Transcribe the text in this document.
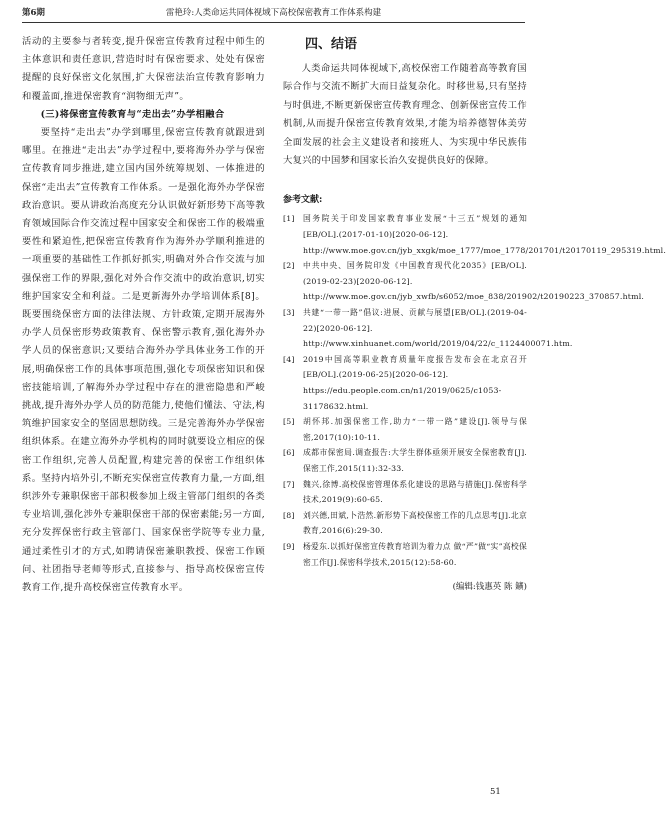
第6期	雷艳玲:人类命运共同体视域下高校保密教育工作体系构建

活动的主要参与者转变,提升保密宣传教育过程中师生的主体意识和责任意识,营造时时有保密要求、处处有保密提醒的良好保密文化氛围,扩大保密法治宣传教育影响力和覆盖面,推进保密教育“润物细无声”。

(三)将保密宣传教育与“走出去”办学相融合

要坚持“走出去”办学到哪里,保密宣传教育就跟进到哪里。在推进“走出去”办学过程中,要将海外办学与保密宣传教育同步推进,建立国内国外统筹规划、一体推进的保密“走出去”宣传教育工作体系。一是强化海外办学保密政治意识。要从讲政治高度充分认识做好新形势下高等教育领域国际合作交流过程中国家安全和保密工作的极端重要性和紧迫性,把保密宣传教育作为海外办学顺利推进的一项重要的基础性工作抓好抓实,明确对外合作交流与加强保密工作的界限,强化对外合作交流中的政治意识,切实维护国家安全和利益。二是更新海外办学培训体系[8]。既要围绕保密方面的法律法规、方针政策,定期开展海外办学人员保密形势政策教育、保密警示教育,强化海外办学人员的保密意识;又要结合海外办学具体业务工作的开展,明确保密工作的具体事项范围,强化专项保密知识和保密技能培训,了解海外办学过程中存在的泄密隐患和严峻挑战,提升海外办学人员的防范能力,使他们懂法、守法,构筑维护国家安全的坚固思想防线。三是完善海外办学保密组织体系。在建立海外办学机构的同时就要设立相应的保密工作组织,完善人员配置,构建完善的保密工作组织体系。坚持内培外引,不断充实保密宣传教育力量,一方面,组织涉外专兼职保密干部积极参加上级主管部门组织的各类专业培训,强化涉外专兼职保密干部的保密素能;另一方面,充分发挥保密行政主管部门、国家保密学院等专业力量,通过柔性引才的方式,如聘请保密兼职教授、保密工作顾问、社团指导老师等形式,直接参与、指导高校保密宣传教育工作,提升高校保密宣传教育水平。

四、结语

人类命运共同体视域下,高校保密工作随着高等教育国际合作与交流不断扩大而日益复杂化。时移世易,只有坚持与时俱进,不断更新保密宣传教育理念、创新保密宣传工作机制,从而提升保密宣传教育效果,才能为培养德智体美劳全面发展的社会主义建设者和接班人、为实现中华民族伟大复兴的中国梦和国家长治久安提供良好的保障。

参考文献:
[1] 国务院关于印发国家教育事业发展“十三五”规划的通知[EB/OL].(2017-01-10)[2020-06-12]. http://www.moe.gov.cn/jyb_xxgk/moe_1777/moe_1778/201701/t20170119_295319.html.
[2] 中共中央、国务院印发《中国教育现代化2035》[EB/OL].(2019-02-23)[2020-06-12]. http://www.moe.gov.cn/jyb_xwfb/s6052/moe_838/201902/t20190223_370857.html.
[3] 共建“一带一路”倡议:进展、贡献与展望[EB/OL].(2019-04-22)[2020-06-12]. http://www.xinhuanet.com/world/2019/04/22/c_1124400071.htm.
[4] 2019中国高等职业教育质量年度报告发布会在北京召开[EB/OL].(2019-06-25)[2020-06-12]. https://edu.people.com.cn/n1/2019/0625/c1053-31178632.html.
[5] 胡怀邦.加强保密工作,助力“一带一路”建设[J].领导与保密,2017(10):10-11.
[6] 成都市保密局.调查报告:大学生群体亟须开展安全保密教育[J].保密工作,2015(11):32-33.
[7] 魏兴,徐博.高校保密管理体系化建设的思路与措施[J].保密科学技术,2019(9):60-65.
[8] 刘兴德,田斌,卜浩然.新形势下高校保密工作的几点思考[J].北京教育,2016(6):29-30.
[9] 杨爱东.以抓好保密宣传教育培训为着力点 做“严”做“实”高校保密工作[J].保密科学技术,2015(12):58-60.
(编辑:钱惠英 陈 鑛)
51
